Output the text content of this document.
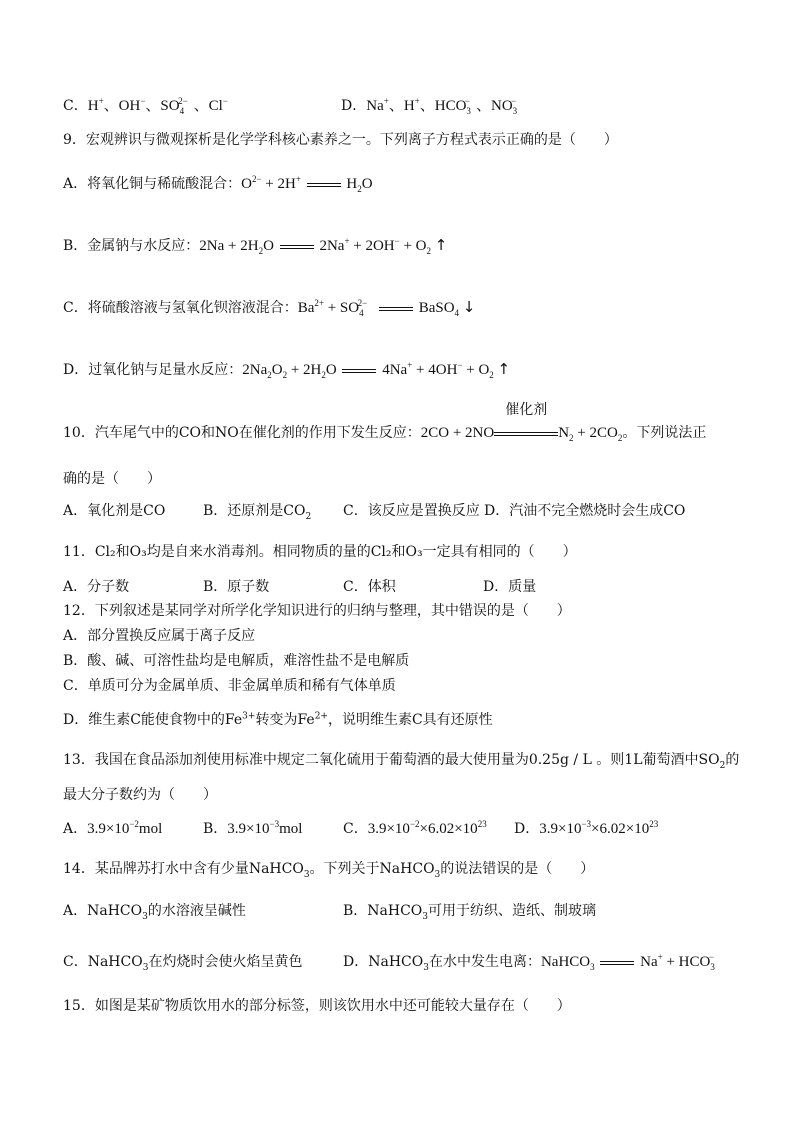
C．H+、OH−、$SO_4^{2-}$ 、Cl−	D．Na+、H+、$HCO_3^-$ 、$NO_3^-$
9．宏观辨识与微观探析是化学学科核心素养之一。下列离子方程式表示正确的是（　　）
A．将氧化铜与稀硫酸混合：$O^{2-} + 2H^+$	$H_2O$
B．金属钠与水反应：$2Na + 2H_2O$	$2Na^+ + 2OH^- + O_2$ ↑
C．将硫酸溶液与氢氧化钡溶液混合：$Ba^{2+} + SO_4^{2-}$	BaSO$_4$ ↓
D．过氧化钠与足量水反应：$2Na_2O_2 + 2H_2O$	$4Na^+ + 4OH^- + O_2$ ↑
10．汽车尾气中的CO和NO在催化剂的作用下发生反应：2CO + 2NO
催化剂
$N_2 + 2CO_2$。下列说法正
确的是（　　）
A．氧化剂是CO	B．还原剂是$CO_2$ C．该反应是置换反应 D．汽油不完全燃烧时会生成CO
11．Cl₂和O₃均是自来水消毒剂。相同物质的量的Cl₂和O₃一定具有相同的（　　）
A．分子数	B．原子数	C．体积	D．质量
12．下列叙述是某同学对所学化学知识进行的归纳与整理，其中错误的是（　　）
A．部分置换反应属于离子反应
B．酸、碱、可溶性盐均是电解质，难溶性盐不是电解质
C．单质可分为金属单质、非金属单质和稀有气体单质
D．维生素C能使食物中的$Fe^{3+}$转变为$Fe^{2+}$，说明维生素C具有还原性
13．我国在食品添加剂使用标准中规定二氧化硫用于葡萄酒的最大使用量为0.25g / L 。则1L葡萄酒中$SO_2$的
最大分子数约为（　　）
A．$3.9\times 10^{-2}mol$	B．$3.9\times 10^{-3}mol$	C．$3.9\times 10^{-2}\times 6.02\times 10^{23}$ D．$3.9\times 10^{-3}\times 6.02\times 10^{23}$
14．某品牌苏打水中含有少量NaHCO$_3$。下列关于NaHCO$_3$的说法错误的是（　　）
A．NaHCO$_3$的水溶液呈碱性	B．NaHCO$_3$可用于纺织、造纸、制玻璃
C．NaHCO$_3$在灼烧时会使火焰呈黄色	D．NaHCO$_3$在水中发生电离：NaHCO$_3$	$Na^+ + HCO_3^-$
15．如图是某矿物质饮用水的部分标签，则该饮用水中还可能较大量存在（　　）
